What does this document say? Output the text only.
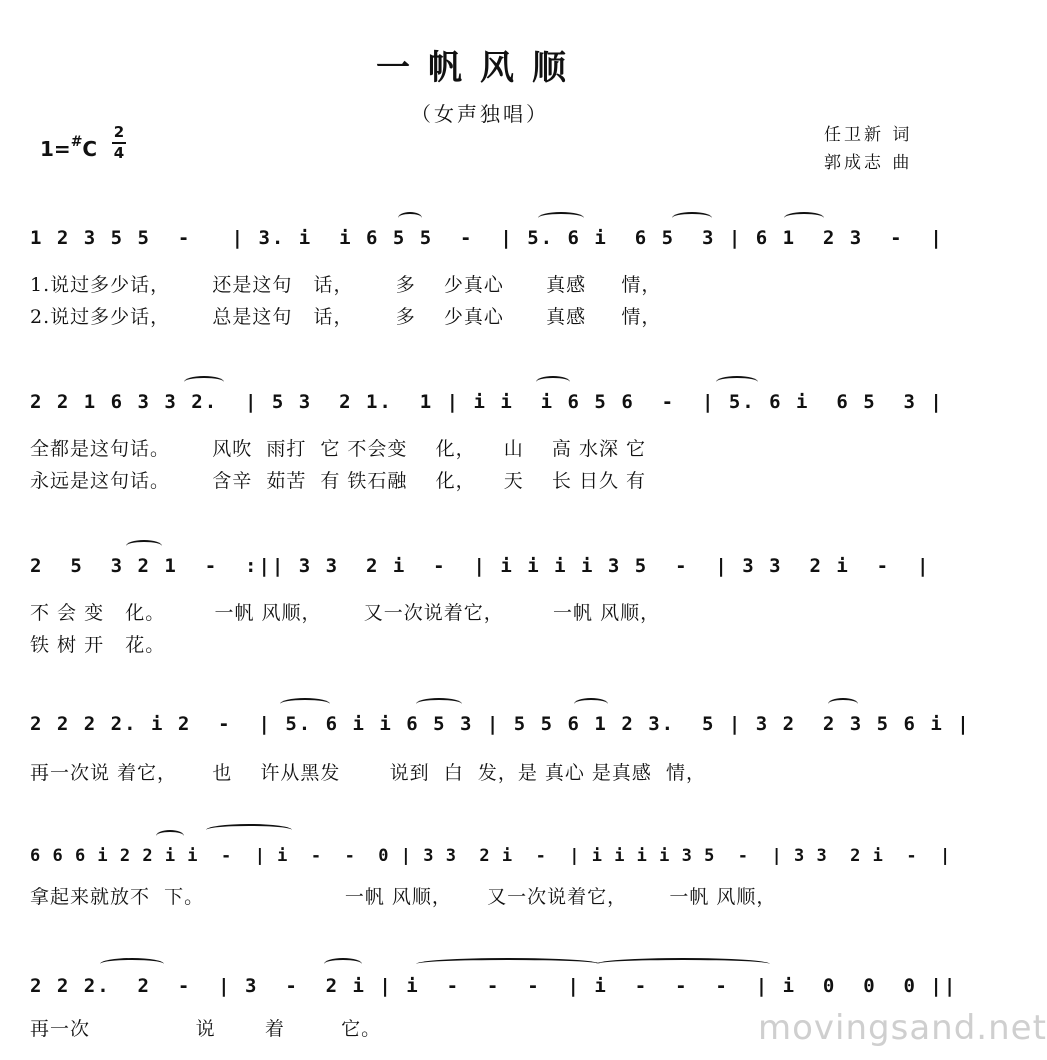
一帆风顺
（女声独唱）
任卫新 词
郭成志 曲
1=#C
2
4
1 2 3 5 5  -   | 3. i  i 6 5 5  -  | 5. 6 i  6 5  3 | 6 1  2 3  -  |
1.说过多少话，      还是这句   话，      多    少真心      真感     情，
2.说过多少话，      总是这句   话，      多    少真心      真感     情，
2 2 1 6 3 3 2.  | 5 3  2 1.  1 | i i  i 6 5 6  -  | 5. 6 i  6 5  3 |
全都是这句话。      风吹  雨打  它 不会变    化，    山    高 水深 它
永远是这句话。      含辛  茹苦  有 铁石融    化，    天    长 日久 有
2  5  3 2 1  -  :|| 3 3  2 i  -  | i i i i 3 5  -  | 3 3  2 i  -  |
不 会 变   化。       一帆 风顺，      又一次说着它，       一帆 风顺，
铁 树 开   花。
2 2 2 2. i 2  -  | 5. 6 i i 6 5 3 | 5 5 6 1 2 3.  5 | 3 2  2 3 5 6 i |
再一次说 着它，     也    许从黑发       说到  白  发，是 真心 是真感  情，
6 6 6 i 2 2 i i  -  | i  -  -  0 | 3 3  2 i  -  | i i i i 3 5  -  | 3 3  2 i  -  |
拿起来就放不  下。                    一帆 风顺，     又一次说着它，      一帆 风顺，
2 2 2.  2  -  | 3  -  2 i | i  -  -  -  | i  -  -  -  | i  0  0  0 ||
再一次               说       着        它。	movingsand.net
